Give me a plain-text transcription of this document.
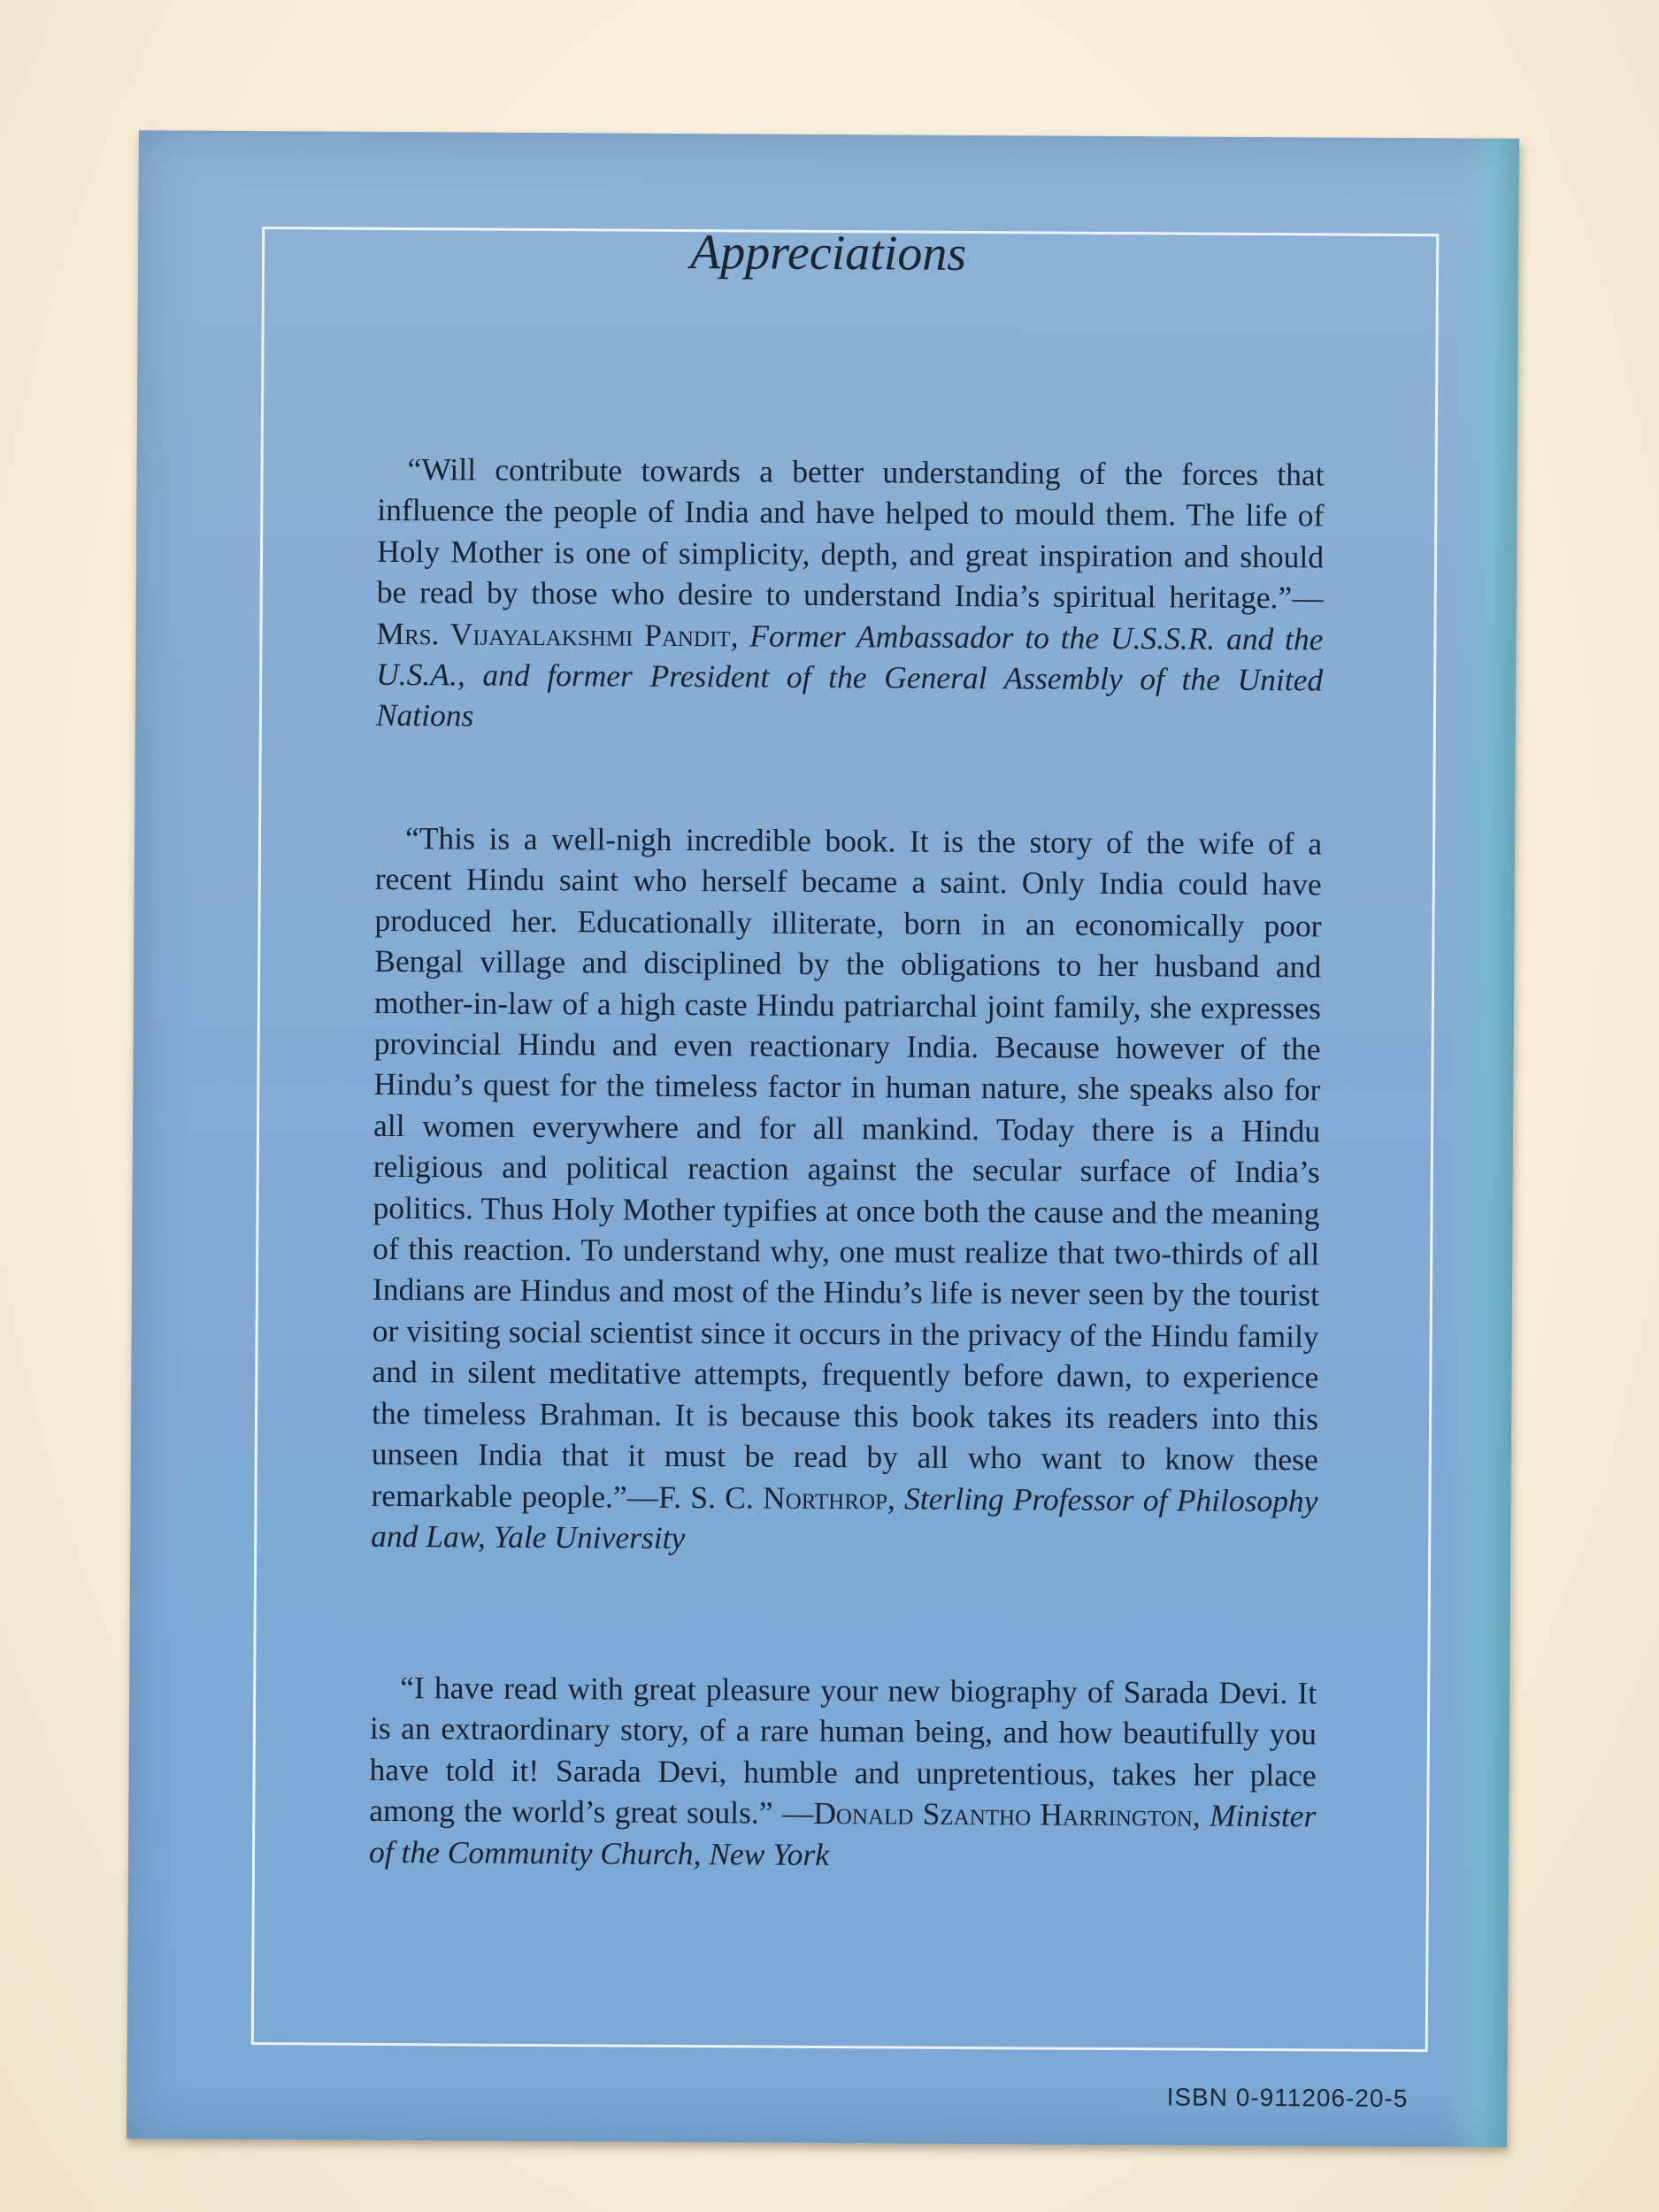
Appreciations

“Will contribute towards a better understanding of the forces that influence the people of India and have helped to mould them. The life of Holy Mother is one of simplicity, depth, and great inspiration and should be read by those who desire to understand India’s spiritual heritage.”—Mrs. Vijayalakshmi Pandit, Former Ambassador to the U.S.S.R. and the U.S.A., and former President of the General Assembly of the United Nations

“This is a well-nigh incredible book. It is the story of the wife of a recent Hindu saint who herself became a saint. Only India could have produced her. Educationally illiterate, born in an economically poor Bengal village and disciplined by the obligations to her husband and mother-in-law of a high caste Hindu patriarchal joint family, she expresses provincial Hindu and even reactionary India. Because however of the Hindu’s quest for the timeless factor in human nature, she speaks also for all women everywhere and for all mankind. Today there is a Hindu religious and political reaction against the secular surface of India’s politics. Thus Holy Mother typifies at once both the cause and the meaning of this reaction. To understand why, one must realize that two-thirds of all Indians are Hindus and most of the Hindu’s life is never seen by the tourist or visiting social scientist since it occurs in the privacy of the Hindu family and in silent meditative attempts, frequently before dawn, to experience the timeless Brahman. It is because this book takes its readers into this unseen India that it must be read by all who want to know these remarkable people.”—F. S. C. Northrop, Sterling Professor of Philosophy and Law, Yale University

“I have read with great pleasure your new biography of Sarada Devi. It is an extraordinary story, of a rare human being, and how beautifully you have told it! Sarada Devi, humble and unpretentious, takes her place among the world’s great souls.” —Donald Szantho Harrington, Minister of the Community Church, New York

ISBN 0-911206-20-5
